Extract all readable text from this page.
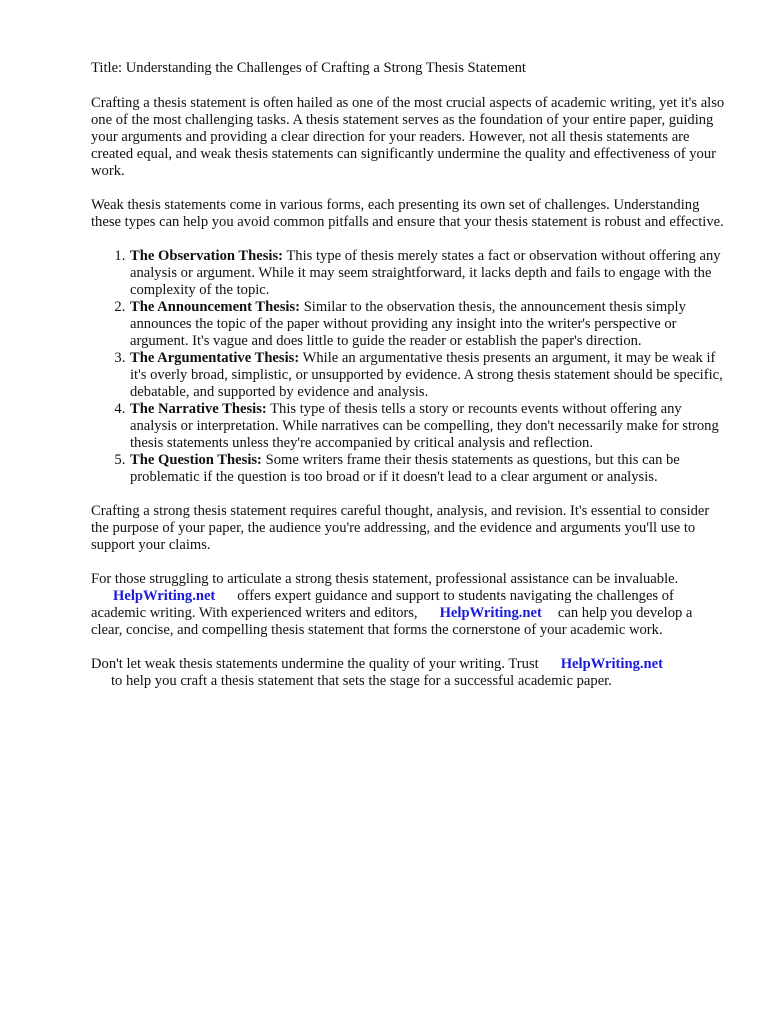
Title: Understanding the Challenges of Crafting a Strong Thesis Statement

Crafting a thesis statement is often hailed as one of the most crucial aspects of academic writing, yet it's also one of the most challenging tasks. A thesis statement serves as the foundation of your entire paper, guiding your arguments and providing a clear direction for your readers. However, not all thesis statements are created equal, and weak thesis statements can significantly undermine the quality and effectiveness of your work.

Weak thesis statements come in various forms, each presenting its own set of challenges. Understanding these types can help you avoid common pitfalls and ensure that your thesis statement is robust and effective.

1. The Observation Thesis: This type of thesis merely states a fact or observation without offering any analysis or argument. While it may seem straightforward, it lacks depth and fails to engage with the complexity of the topic.
2. The Announcement Thesis: Similar to the observation thesis, the announcement thesis simply announces the topic of the paper without providing any insight into the writer's perspective or argument. It's vague and does little to guide the reader or establish the paper's direction.
3. The Argumentative Thesis: While an argumentative thesis presents an argument, it may be weak if it's overly broad, simplistic, or unsupported by evidence. A strong thesis statement should be specific, debatable, and supported by evidence and analysis.
4. The Narrative Thesis: This type of thesis tells a story or recounts events without offering any analysis or interpretation. While narratives can be compelling, they don't necessarily make for strong thesis statements unless they're accompanied by critical analysis and reflection.
5. The Question Thesis: Some writers frame their thesis statements as questions, but this can be problematic if the question is too broad or if it doesn't lead to a clear argument or analysis.

Crafting a strong thesis statement requires careful thought, analysis, and revision. It's essential to consider the purpose of your paper, the audience you're addressing, and the evidence and arguments you'll use to support your claims.

For those struggling to articulate a strong thesis statement, professional assistance can be invaluable.
HelpWriting.net offers expert guidance and support to students navigating the challenges of academic writing. With experienced writers and editors, HelpWriting.net can help you develop a clear, concise, and compelling thesis statement that forms the cornerstone of your academic work.

Don't let weak thesis statements undermine the quality of your writing. Trust HelpWriting.net
to help you craft a thesis statement that sets the stage for a successful academic paper.
